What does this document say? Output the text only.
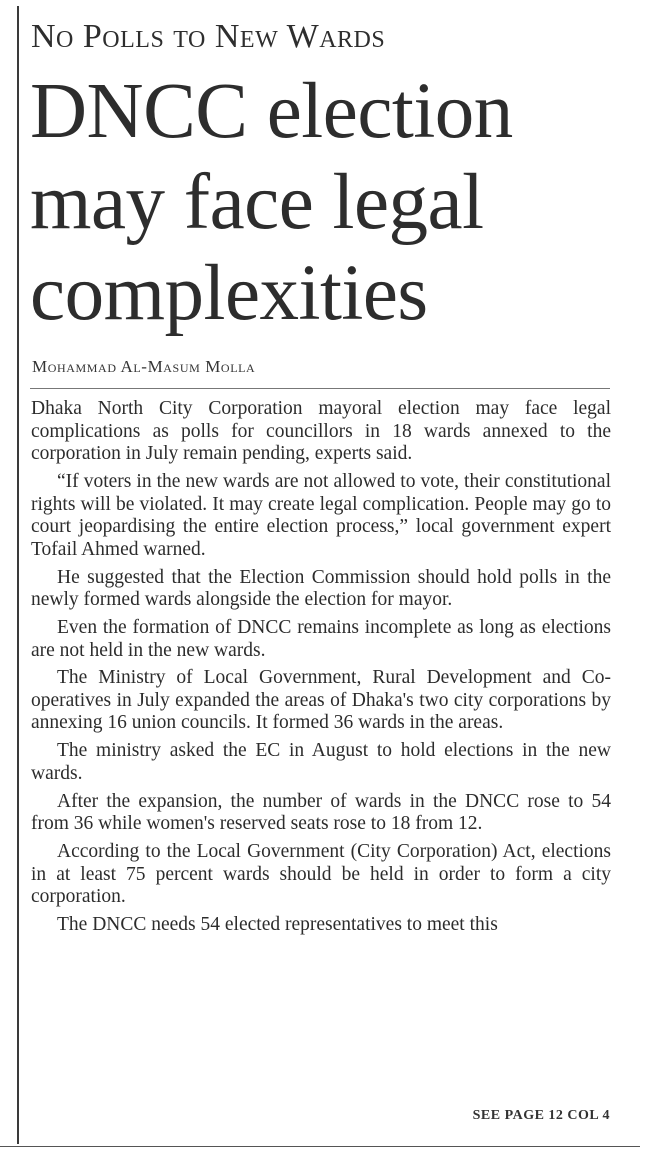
No Polls to New Wards
DNCC election
may face legal
complexities
Mohammad Al-Masum Molla

Dhaka North City Corporation mayoral election may face legal complications as polls for councillors in 18 wards annexed to the corporation in July remain pending, experts said.

“If voters in the new wards are not allowed to vote, their constitutional rights will be violated. It may create legal complication. People may go to court jeopardising the entire election process,” local government expert Tofail Ahmed warned.

He suggested that the Election Commission should hold polls in the newly formed wards alongside the election for mayor.

Even the formation of DNCC remains incomplete as long as elections are not held in the new wards.

The Ministry of Local Government, Rural Development and Co-operatives in July expanded the areas of Dhaka's two city corporations by annexing 16 union councils. It formed 36 wards in the areas.

The ministry asked the EC in August to hold elections in the new wards.

After the expansion, the number of wards in the DNCC rose to 54 from 36 while women's reserved seats rose to 18 from 12.

According to the Local Government (City Corporation) Act, elections in at least 75 percent wards should be held in order to form a city corporation.

The DNCC needs 54 elected representatives to meet this

SEE PAGE 12 COL 4
